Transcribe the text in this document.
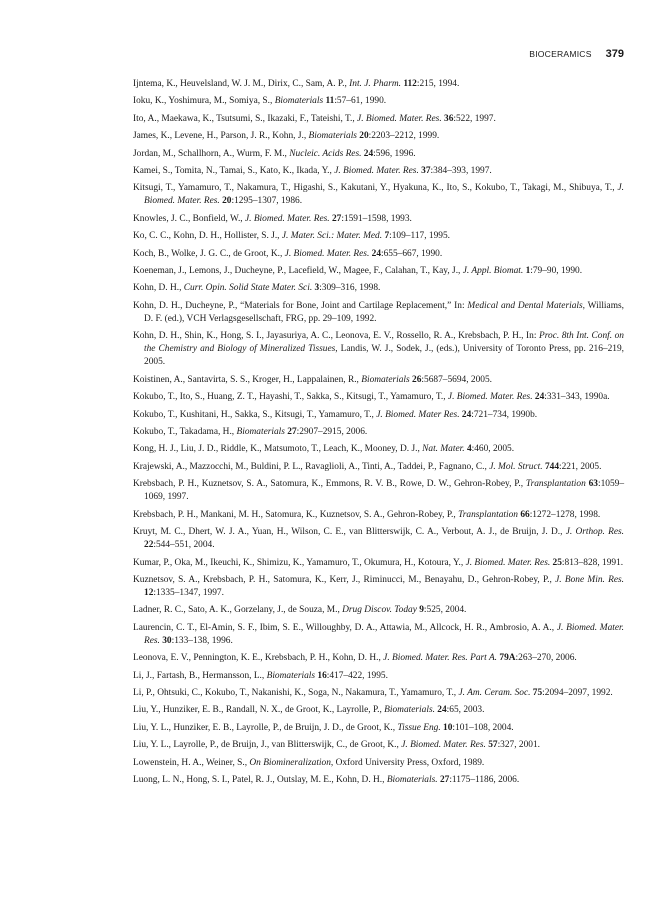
BIOCERAMICS 379

Ijntema, K., Heuvelsland, W. J. M., Dirix, C., Sam, A. P., Int. J. Pharm. 112:215, 1994.

Ioku, K., Yoshimura, M., Somiya, S., Biomaterials 11:57–61, 1990.

Ito, A., Maekawa, K., Tsutsumi, S., Ikazaki, F., Tateishi, T., J. Biomed. Mater. Res. 36:522, 1997.

James, K., Levene, H., Parson, J. R., Kohn, J., Biomaterials 20:2203–2212, 1999.

Jordan, M., Schallhorn, A., Wurm, F. M., Nucleic. Acids Res. 24:596, 1996.

Kamei, S., Tomita, N., Tamai, S., Kato, K., Ikada, Y., J. Biomed. Mater. Res. 37:384–393, 1997.

Kitsugi, T., Yamamuro, T., Nakamura, T., Higashi, S., Kakutani, Y., Hyakuna, K., Ito, S., Kokubo, T., Takagi, M., Shibuya, T., J. Biomed. Mater. Res. 20:1295–1307, 1986.

Knowles, J. C., Bonfield, W., J. Biomed. Mater. Res. 27:1591–1598, 1993.

Ko, C. C., Kohn, D. H., Hollister, S. J., J. Mater. Sci.: Mater. Med. 7:109–117, 1995.

Koch, B., Wolke, J. G. C., de Groot, K., J. Biomed. Mater. Res. 24:655–667, 1990.

Koeneman, J., Lemons, J., Ducheyne, P., Lacefield, W., Magee, F., Calahan, T., Kay, J., J. Appl. Biomat. 1:79–90, 1990.

Kohn, D. H., Curr. Opin. Solid State Mater. Sci. 3:309–316, 1998.

Kohn, D. H., Ducheyne, P., “Materials for Bone, Joint and Cartilage Replacement,” In: Medical and Dental Materials, Williams, D. F. (ed.), VCH Verlagsgesellschaft, FRG, pp. 29–109, 1992.

Kohn, D. H., Shin, K., Hong, S. I., Jayasuriya, A. C., Leonova, E. V., Rossello, R. A., Krebsbach, P. H., In: Proc. 8th Int. Conf. on the Chemistry and Biology of Mineralized Tissues, Landis, W. J., Sodek, J., (eds.), University of Toronto Press, pp. 216–219, 2005.

Koistinen, A., Santavirta, S. S., Kroger, H., Lappalainen, R., Biomaterials 26:5687–5694, 2005.

Kokubo, T., Ito, S., Huang, Z. T., Hayashi, T., Sakka, S., Kitsugi, T., Yamamuro, T., J. Biomed. Mater. Res. 24:331–343, 1990a.

Kokubo, T., Kushitani, H., Sakka, S., Kitsugi, T., Yamamuro, T., J. Biomed. Mater Res. 24:721–734, 1990b.

Kokubo, T., Takadama, H., Biomaterials 27:2907–2915, 2006.

Kong, H. J., Liu, J. D., Riddle, K., Matsumoto, T., Leach, K., Mooney, D. J., Nat. Mater. 4:460, 2005.

Krajewski, A., Mazzocchi, M., Buldini, P. L., Ravaglioli, A., Tinti, A., Taddei, P., Fagnano, C., J. Mol. Struct. 744:221, 2005.

Krebsbach, P. H., Kuznetsov, S. A., Satomura, K., Emmons, R. V. B., Rowe, D. W., Gehron-Robey, P., Transplantation 63:1059–1069, 1997.

Krebsbach, P. H., Mankani, M. H., Satomura, K., Kuznetsov, S. A., Gehron-Robey, P., Transplantation 66:1272–1278, 1998.

Kruyt, M. C., Dhert, W. J. A., Yuan, H., Wilson, C. E., van Blitterswijk, C. A., Verbout, A. J., de Bruijn, J. D., J. Orthop. Res. 22:544–551, 2004.

Kumar, P., Oka, M., Ikeuchi, K., Shimizu, K., Yamamuro, T., Okumura, H., Kotoura, Y., J. Biomed. Mater. Res. 25:813–828, 1991.

Kuznetsov, S. A., Krebsbach, P. H., Satomura, K., Kerr, J., Riminucci, M., Benayahu, D., Gehron-Robey, P., J. Bone Min. Res. 12:1335–1347, 1997.

Ladner, R. C., Sato, A. K., Gorzelany, J., de Souza, M., Drug Discov. Today 9:525, 2004.

Laurencin, C. T., El-Amin, S. F., Ibim, S. E., Willoughby, D. A., Attawia, M., Allcock, H. R., Ambrosio, A. A., J. Biomed. Mater. Res. 30:133–138, 1996.

Leonova, E. V., Pennington, K. E., Krebsbach, P. H., Kohn, D. H., J. Biomed. Mater. Res. Part A. 79A:263–270, 2006.

Li, J., Fartash, B., Hermansson, L., Biomaterials 16:417–422, 1995.

Li, P., Ohtsuki, C., Kokubo, T., Nakanishi, K., Soga, N., Nakamura, T., Yamamuro, T., J. Am. Ceram. Soc. 75:2094–2097, 1992.

Liu, Y., Hunziker, E. B., Randall, N. X., de Groot, K., Layrolle, P., Biomaterials. 24:65, 2003.

Liu, Y. L., Hunziker, E. B., Layrolle, P., de Bruijn, J. D., de Groot, K., Tissue Eng. 10:101–108, 2004.

Liu, Y. L., Layrolle, P., de Bruijn, J., van Blitterswijk, C., de Groot, K., J. Biomed. Mater. Res. 57:327, 2001.

Lowenstein, H. A., Weiner, S., On Biomineralization, Oxford University Press, Oxford, 1989.

Luong, L. N., Hong, S. I., Patel, R. J., Outslay, M. E., Kohn, D. H., Biomaterials. 27:1175–1186, 2006.
